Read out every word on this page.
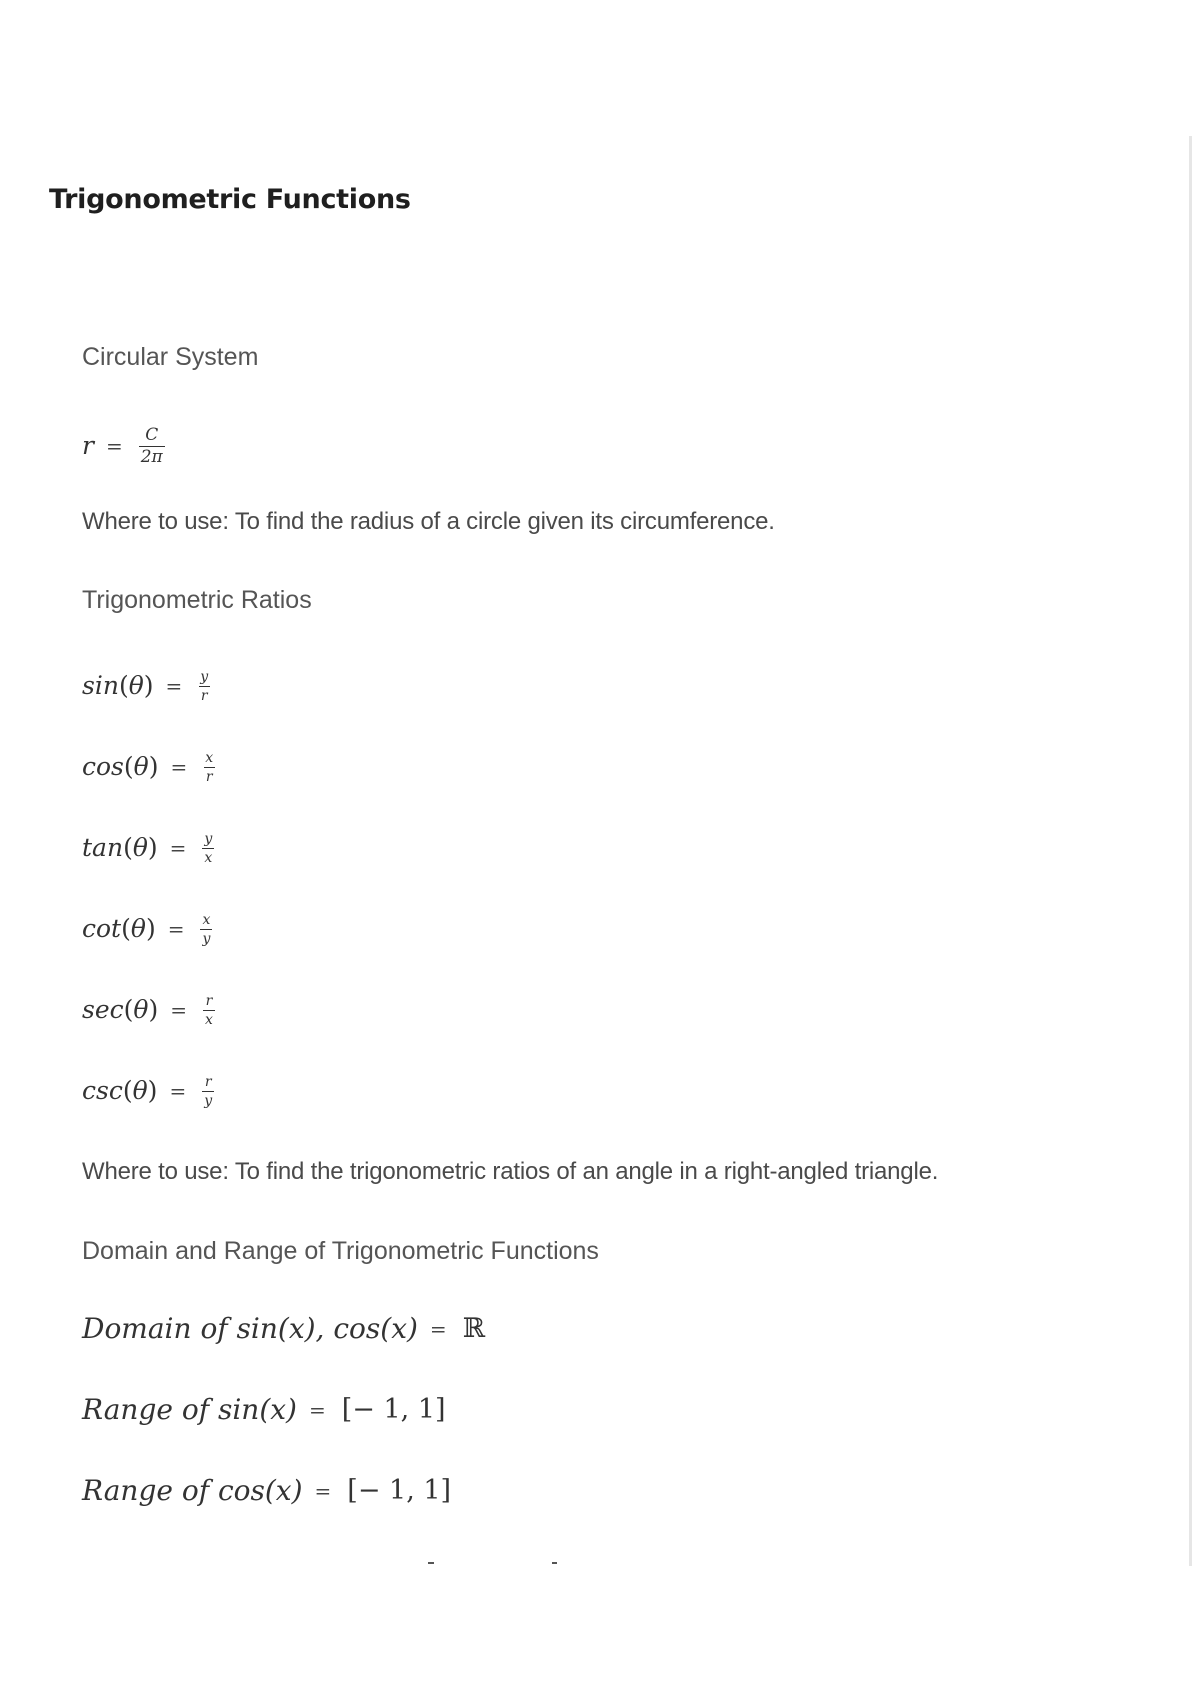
Trigonometric Functions
Circular System
$r = \frac{C}{2\pi}$

Where to use: To find the radius of a circle given its circumference.

Trigonometric Ratios
$\sin(\theta) = \frac{y}{r}$
$\cos(\theta) = \frac{x}{r}$
$\tan(\theta) = \frac{y}{x}$
$\cot(\theta) = \frac{x}{y}$
$\sec(\theta) = \frac{r}{x}$
$\csc(\theta) = \frac{r}{y}$

Where to use: To find the trigonometric ratios of an angle in a right-angled triangle.

Domain and Range of Trigonometric Functions
Domain of sin(x), cos(x) = ℝ
Range of sin(x) = [− 1, 1]
Range of cos(x) = [− 1, 1]
